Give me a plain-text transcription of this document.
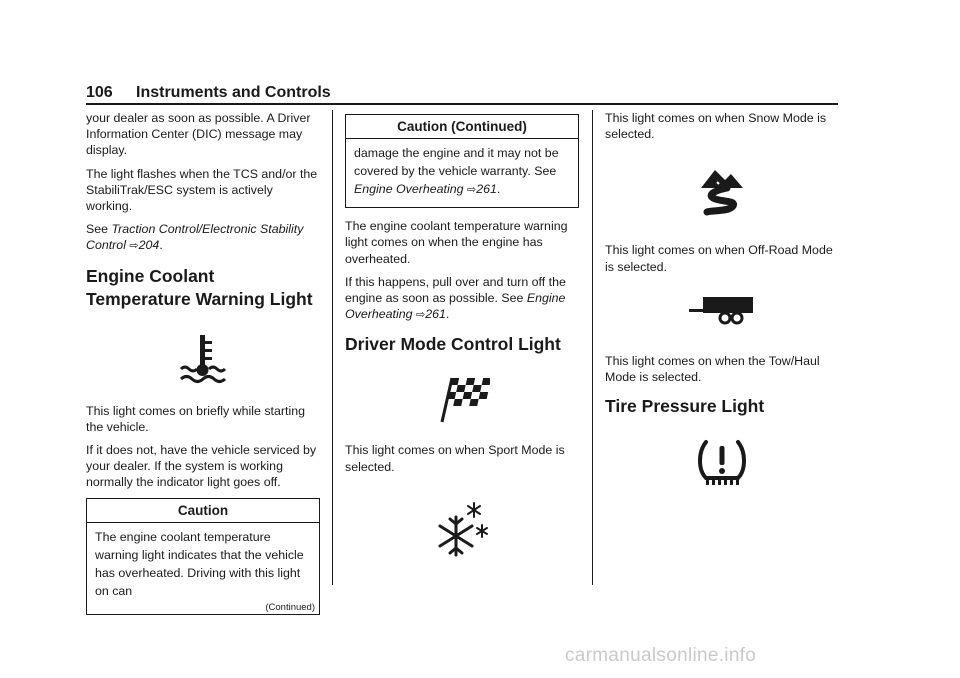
106 Instruments and Controls

your dealer as soon as possible. A Driver Information Center (DIC) message may display.

The light flashes when the TCS and/or the StabiliTrak/ESC system is actively working.

See Traction Control/Electronic Stability Control ⇨204.

Engine Coolant Temperature Warning Light

This light comes on briefly while starting the vehicle.

If it does not, have the vehicle serviced by your dealer. If the system is working normally the indicator light goes off.

Caution
The engine coolant temperature warning light indicates that the vehicle has overheated. Driving with this light on can
(Continued)
Caution (Continued)
damage the engine and it may not be covered by the vehicle warranty. See Engine Overheating ⇨261.

The engine coolant temperature warning light comes on when the engine has overheated.

If this happens, pull over and turn off the engine as soon as possible. See Engine Overheating ⇨261.

Driver Mode Control Light

This light comes on when Sport Mode is selected.

This light comes on when Snow Mode is selected.

This light comes on when Off-Road Mode is selected.

This light comes on when the Tow/Haul Mode is selected.

Tire Pressure Light
carmanualsonline.info
